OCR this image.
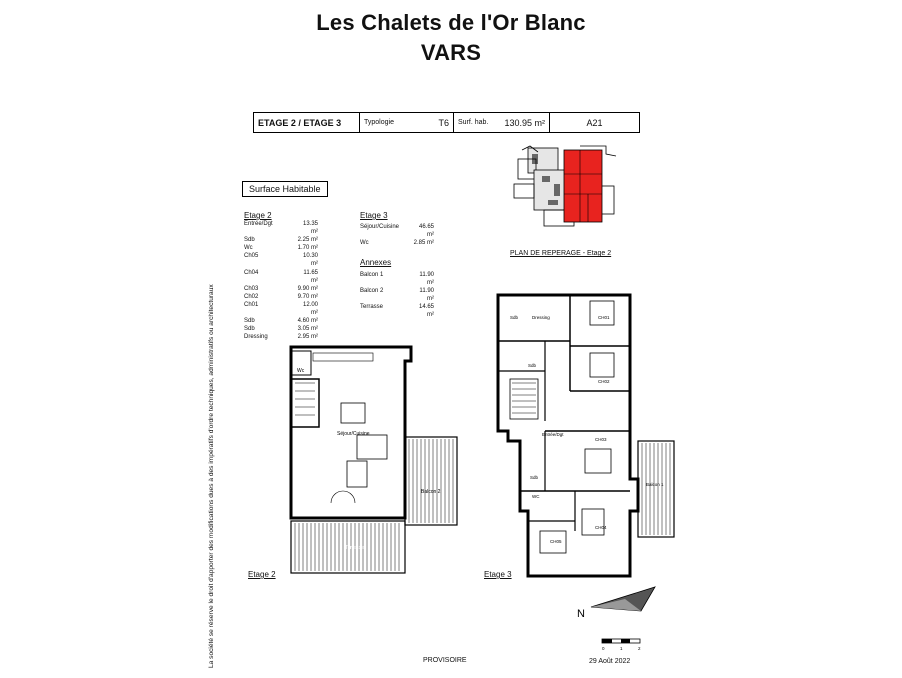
Les Chalets de l'Or Blanc
VARS
ETAGE 2 / ETAGE 3	Typologie	T6 Surf. hab. 130.95 m²	A21
La société se réserve le droit d'apporter des modifications dues à des impératifs d'ordre techniques, administratifs ou architecturaux
Surface Habitable
Etage 2
Entrée/Dgt	13.35 m²
Sdb	2.25 m²
Wc	1.70 m²
Ch05	10.30 m²
Ch04	11.65 m²
Ch03	9.90 m²
Ch02	9.70 m²
Ch01	12.00 m²
Sdb	4.60 m²
Sdb	3.05 m²
Dressing	2.95 m²
Etage 3
Séjour/Cuisine	46.65 m²
Wc	2.85 m²
Annexes
Balcon 1	11.90 m²
Balcon 2	11.90 m²
Terrasse	14.65 m²
PLAN DE REPERAGE - Etage 2
Wc
Séjour/Cuisine
Balcon 2
Terrasse
Etage 2
Sdb	Dressing	CH01
Sdb
CH02
Entrée/Dgt
CH03
Sdb
WC
Balcon 1
CH04
CH05
Etage 3
N
0	1	2
PROVISOIRE	29 Août 2022
